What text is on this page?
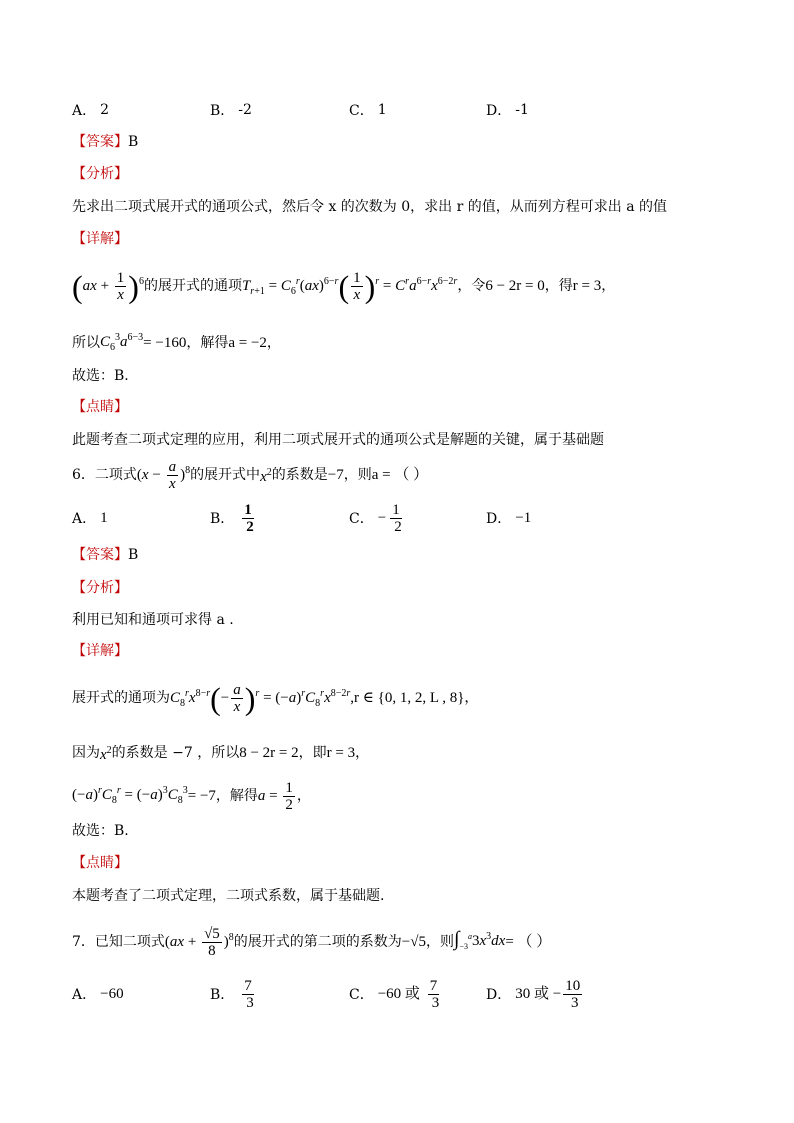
A． 2	B． -2	C． 1	D． -1
【答案】B
【分析】
先求出二项式展开式的通项公式，然后令 x 的次数为 0，求出 r 的值，从而列方程可求出 a 的值
【详解】
$(ax + \frac{1}{x} )^6$ 的展开式的通项 $T_{r+1} = C_6^r(ax)^{6-r}( \frac{1}{x} )^r = C^ra^{6-r}x^{6-2r}$ ，令 6 − 2r = 0 ，得 r = 3 ，
所以 $C_6^3a^{6-3} = -160$ ，解得 a = −2 ，
故选：B.
【点睛】
此题考查二项式定理的应用，利用二项式展开式的通项公式是解题的关键，属于基础题
6． 二项式 $(x - \frac{a}{x} )^8$ 的展开式中 $x^2$ 的系数是 −7 ，则 a = （ ）
A． 1	B． $\frac{1}{2}$	C． − $\frac{1}{2}$	D． −1
【答案】B
【分析】
利用已知和通项可求得 a .
【详解】
展开式的通项为 $C_8^rx^{8-r}(- \frac{a}{x} )^r = (-a)^rC_8^rx^{8-2r}$, r ∈ {0, 1, 2, L , 8} ，
因为 $x^2$ 的系数是 −7 ，所以 8 − 2r = 2 ，即 r = 3 ，
$(-a)^rC_8^r = (-a)^3C_8^3 = -7$ ，解得 $a = \frac{1}{2}$ ，
故选：B.
【点睛】
本题考查了二项式定理，二项式系数，属于基础题.
7． 已知二项式 $(ax + \frac{√5}{8} )^8$ 的展开式的第二项的系数为 −√5 ，则 $\int_{-3}^a3x^3dx$ = （ ）
A． −60	B． $\frac{7}{3}$	C． −60 或 $\frac{7}{3}$	D． 30 或 − $\frac{10}{3}$
